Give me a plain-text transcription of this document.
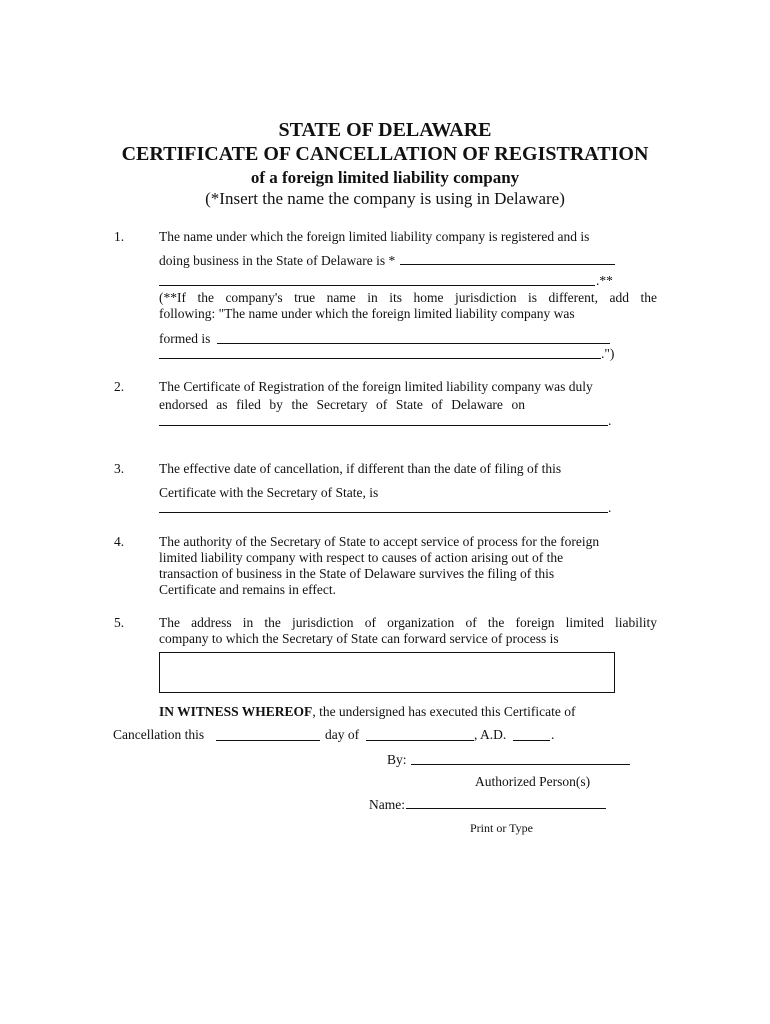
STATE OF DELAWARE
CERTIFICATE OF CANCELLATION OF REGISTRATION
of a foreign limited liability company
(*Insert the name the company is using in Delaware)
1.	The name under which the foreign limited liability company is registered and is
doing business in the State of Delaware is *
.**
(**If the company's true name in its home jurisdiction is different, add the
following: "The name under which the foreign limited liability company was
formed is
.")
2.	The Certificate of Registration of the foreign limited liability company was duly
endorsed as filed by the Secretary of State of Delaware on
.
3.	The effective date of cancellation, if different than the date of filing of this
Certificate with the Secretary of State, is
.
4.	The authority of the Secretary of State to accept service of process for the foreign
limited liability company with respect to causes of action arising out of the
transaction of business in the State of Delaware survives the filing of this
Certificate and remains in effect.
5.	The address in the jurisdiction of organization of the foreign limited liability
company to which the Secretary of State can forward service of process is
IN WITNESS WHEREOF, the undersigned has executed this Certificate of
Cancellation this	day of	, A.D.	.
By:
Authorized Person(s)
Name:
Print or Type
